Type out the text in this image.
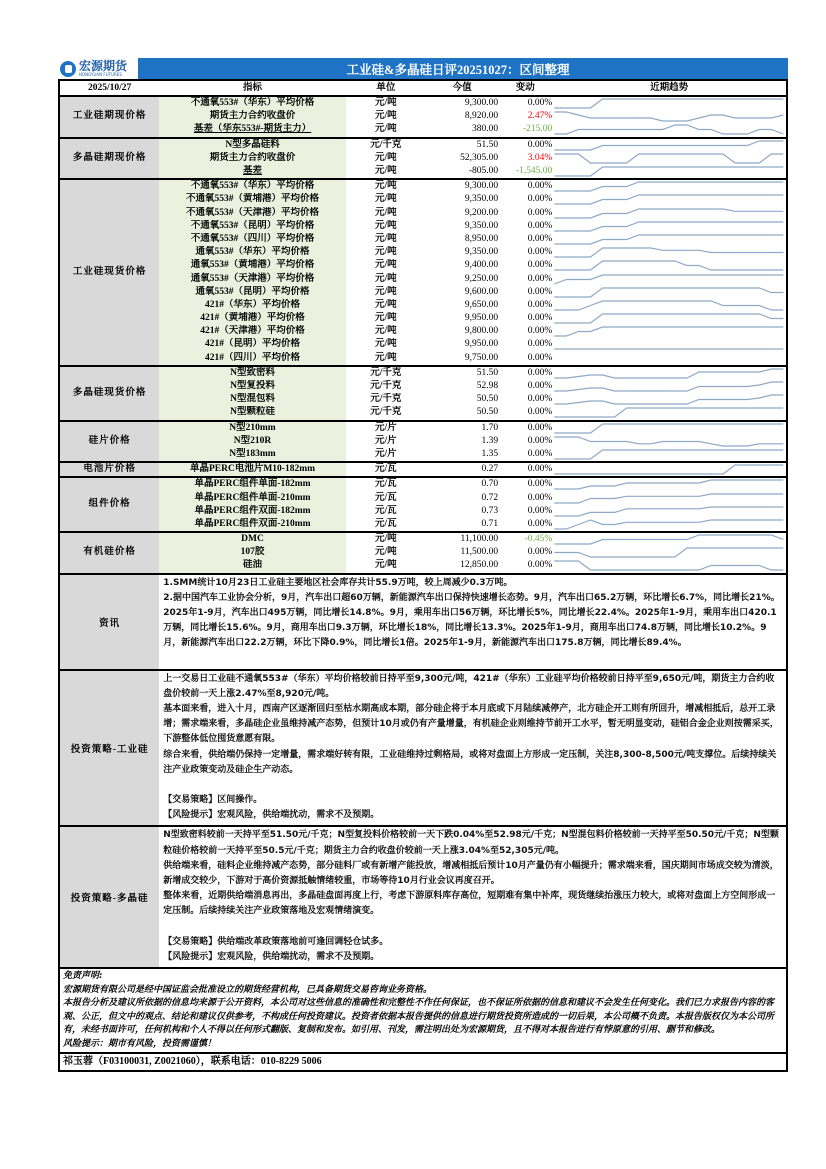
宏源期货
HONGYUAN FUTURES	工业硅&多晶硅日评20251027：区间整理
2025/10/27	指标	单位	今值	变动	近期趋势
工业硅期现价格	不通氧553#（华东）平均价格	元/吨	9,300.00	0.00%	

	期货主力合约收盘价	元/吨	8,920.00	2.47%	

	基差（华东553#-期货主力）	元/吨	380.00	-215.00	

多晶硅期现价格	N型多晶硅料	元/千克	51.50	0.00%	

	期货主力合约收盘价	元/吨	52,305.00	3.04%	

	基差	元/吨	-805.00	-1,545.00	

工业硅现货价格	不通氧553#（华东）平均价格	元/吨	9,300.00	0.00%	

	不通氧553#（黄埔港）平均价格	元/吨	9,350.00	0.00%	

	不通氧553#（天津港）平均价格	元/吨	9,200.00	0.00%	

	不通氧553#（昆明）平均价格	元/吨	9,350.00	0.00%	

	不通氧553#（四川）平均价格	元/吨	8,950.00	0.00%	

	通氧553#（华东）平均价格	元/吨	9,350.00	0.00%	

	通氧553#（黄埔港）平均价格	元/吨	9,400.00	0.00%	

	通氧553#（天津港）平均价格	元/吨	9,250.00	0.00%	

	通氧553#（昆明）平均价格	元/吨	9,600.00	0.00%	

	421#（华东）平均价格	元/吨	9,650.00	0.00%	

	421#（黄埔港）平均价格	元/吨	9,950.00	0.00%	

	421#（天津港）平均价格	元/吨	9,800.00	0.00%	

	421#（昆明）平均价格	元/吨	9,950.00	0.00%	

	421#（四川）平均价格	元/吨	9,750.00	0.00%	
多晶硅现货价格	N型致密料	元/千克	51.50	0.00%	

	N型复投料	元/千克	52.98	0.00%	

	N型混包料	元/千克	50.50	0.00%	

	N型颗粒硅	元/千克	50.50	0.00%	

硅片价格	N型210mm	元/片	1.70	0.00%	

	N型210R	元/片	1.39	0.00%	

	N型183mm	元/片	1.35	0.00%	

电池片价格	单晶PERC电池片M10-182mm	元/瓦	0.27	0.00%	

组件价格	单晶PERC组件单面-182mm	元/瓦	0.70	0.00%	

	单晶PERC组件单面-210mm	元/瓦	0.72	0.00%	

	单晶PERC组件双面-182mm	元/瓦	0.73	0.00%	

	单晶PERC组件双面-210mm	元/瓦	0.71	0.00%	

有机硅价格	DMC	元/吨	11,100.00	-0.45%	

	107胶	元/吨	11,500.00	0.00%	

	硅油	元/吨	12,850.00	0.00%	
资讯	1.SMM统计10月23日工业硅主要地区社会库存共计55.9万吨，较上周减少0.3万吨。

2.据中国汽车工业协会分析，9月，汽车出口超60万辆，新能源汽车出口保持快速增长态势。9月，汽车出口65.2万辆，环比增长6.7%，同比增长21%。2025年1-9月，汽车出口495万辆，同比增长14.8%。9月，乘用车出口56万辆，环比增长5%，同比增长22.4%。2025年1-9月，乘用车出口420.1万辆，同比增长15.6%。9月，商用车出口9.3万辆，环比增长18%，同比增长13.3%。2025年1-9月，商用车出口74.8万辆，同比增长10.2%。9月，新能源汽车出口22.2万辆，环比下降0.9%，同比增长1倍。2025年1-9月，新能源汽车出口175.8万辆，同比增长89.4%。

投资策略-工业硅	上一交易日工业硅不通氧553#（华东）平均价格较前日持平至9,300元/吨，421#（华东）工业硅平均价格较前日持平至9,650元/吨，期货主力合约收盘价较前一天上涨2.47%至8,920元/吨。

基本面来看，进入十月，西南产区逐渐回归至枯水期高成本期，部分硅企将于本月底或下月陆续减停产，北方硅企开工则有所回升，增减相抵后，总开工录增；需求端来看，多晶硅企业虽维持减产态势，但预计10月或仍有产量增量，有机硅企业则维持节前开工水平，暂无明显变动，硅铝合金企业则按需采买，下游整体低位囤货意愿有限。

综合来看，供给端仍保持一定增量，需求端好转有限，工业硅维持过剩格局，或将对盘面上方形成一定压制，关注8,300-8,500元/吨支撑位。后续持续关注产业政策变动及硅企生产动态。

【交易策略】区间操作。

【风险提示】宏观风险，供给端扰动，需求不及预期。

投资策略-多晶硅	N型致密料较前一天持平至51.50元/千克；N型复投料价格较前一天下跌0.04%至52.98元/千克；N型混包料价格较前一天持平至50.50元/千克；N型颗粒硅价格较前一天持平至50.5元/千克；期货主力合约收盘价较前一天上涨3.04%至52,305元/吨。

供给端来看，硅料企业维持减产态势，部分硅料厂或有新增产能投放，增减相抵后预计10月产量仍有小幅提升；需求端来看，国庆期间市场成交较为清淡，新增成交较少，下游对于高价资源抵触情绪较重，市场等待10月行业会议再度召开。

整体来看，近期供给端消息再出，多晶硅盘面再度上行，考虑下游原料库存高位，短期难有集中补库，现货继续抬涨压力较大，或将对盘面上方空间形成一定压制。后续持续关注产业政策落地及宏观情绪演变。

【交易策略】供给端改革政策落地前可逢回调轻仓试多。

【风险提示】宏观风险，供给端扰动，需求不及预期。

免责声明:
宏源期货有限公司是经中国证监会批准设立的期货经营机构，已具备期货交易咨询业务资格。
本报告分析及建议所依据的信息均来源于公开资料，本公司对这些信息的准确性和完整性不作任何保证，也不保证所依据的信息和建议不会发生任何变化。我们已力求报告内容的客观、公正，但文中的观点、结论和建议仅供参考，不构成任何投资建议。投资者依据本报告提供的信息进行期货投资所造成的一切后果，本公司概不负责。本报告版权仅为本公司所有，未经书面许可，任何机构和个人不得以任何形式翻版、复制和发布。如引用、刊发，需注明出处为宏源期货，且不得对本报告进行有悖原意的引用、删节和修改。
风险提示：期市有风险，投资需谨慎！
祁玉蓉（F03100031, Z0021060），联系电话：010-8229 5006
